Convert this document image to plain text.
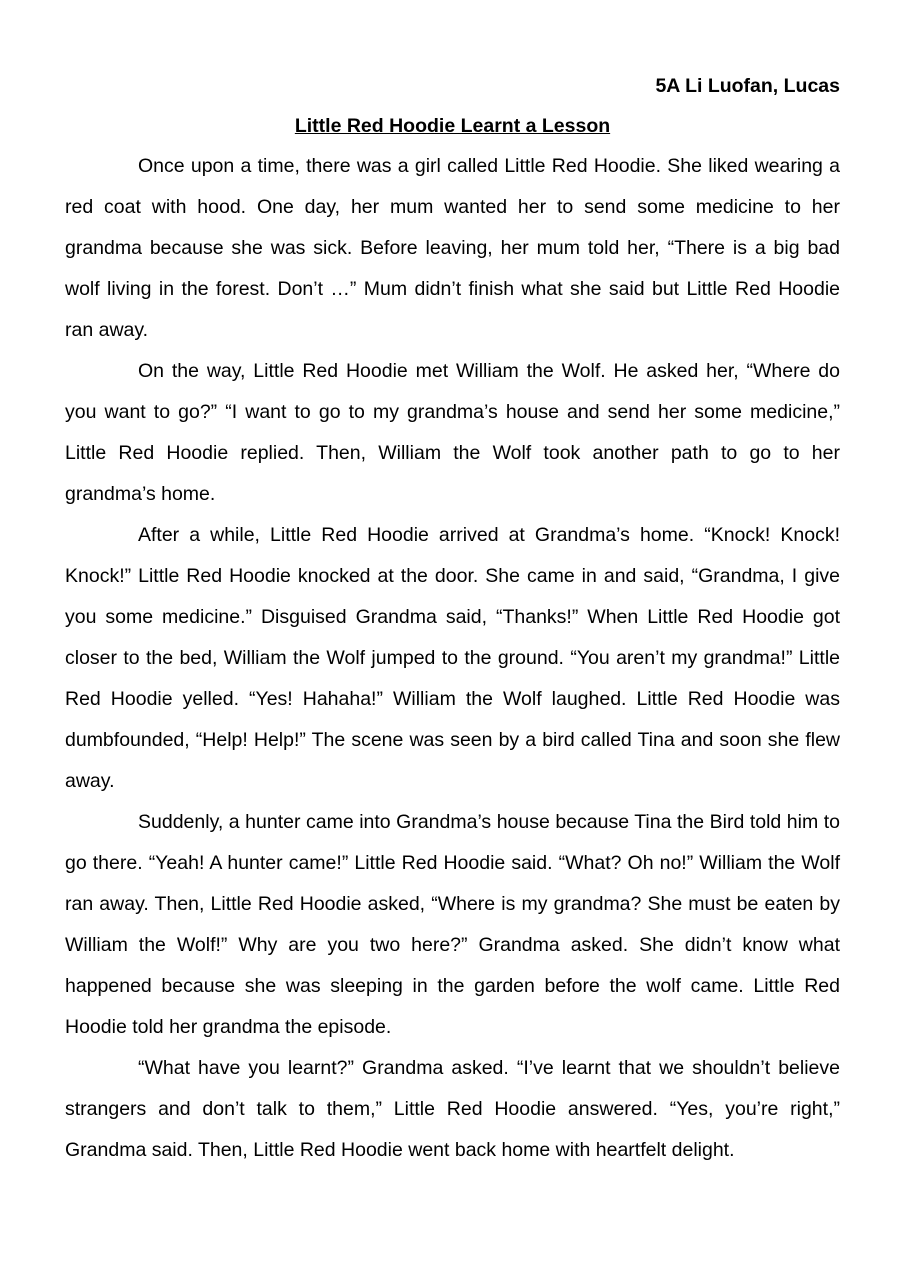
5A Li Luofan, Lucas

Little Red Hoodie Learnt a Lesson

Once upon a time, there was a girl called Little Red Hoodie. She liked wearing a red coat with hood. One day, her mum wanted her to send some medicine to her grandma because she was sick. Before leaving, her mum told her, “There is a big bad wolf living in the forest. Don’t …” Mum didn’t finish what she said but Little Red Hoodie ran away.

On the way, Little Red Hoodie met William the Wolf. He asked her, “Where do you want to go?” “I want to go to my grandma’s house and send her some medicine,” Little Red Hoodie replied. Then, William the Wolf took another path to go to her grandma’s home.

After a while, Little Red Hoodie arrived at Grandma’s home. “Knock! Knock! Knock!” Little Red Hoodie knocked at the door. She came in and said, “Grandma, I give you some medicine.” Disguised Grandma said, “Thanks!” When Little Red Hoodie got closer to the bed, William the Wolf jumped to the ground. “You aren’t my grandma!” Little Red Hoodie yelled. “Yes! Hahaha!” William the Wolf laughed. Little Red Hoodie was dumbfounded, “Help! Help!” The scene was seen by a bird called Tina and soon she flew away.

Suddenly, a hunter came into Grandma’s house because Tina the Bird told him to go there. “Yeah! A hunter came!” Little Red Hoodie said. “What? Oh no!” William the Wolf ran away. Then, Little Red Hoodie asked, “Where is my grandma? She must be eaten by William the Wolf!” Why are you two here?” Grandma asked. She didn’t know what happened because she was sleeping in the garden before the wolf came. Little Red Hoodie told her grandma the episode.

“What have you learnt?” Grandma asked. “I’ve learnt that we shouldn’t believe strangers and don’t talk to them,” Little Red Hoodie answered. “Yes, you’re right,” Grandma said. Then, Little Red Hoodie went back home with heartfelt delight.
